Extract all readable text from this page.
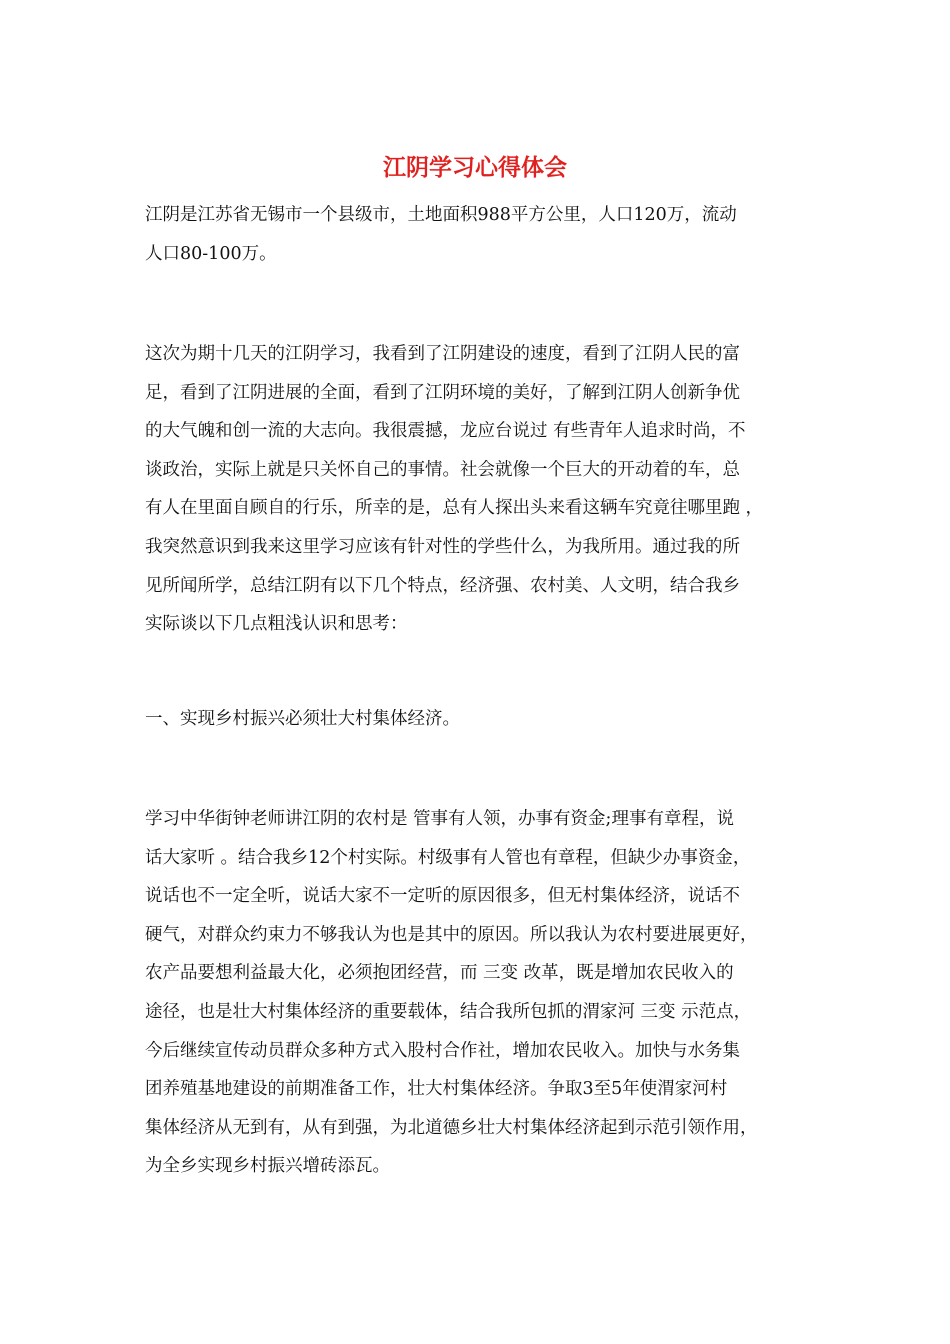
江阴学习心得体会
江阴是江苏省无锡市一个县级市，土地面积988平方公里，人口120万，流动
人口80-100万。
这次为期十几天的江阴学习，我看到了江阴建设的速度，看到了江阴人民的富
足，看到了江阴进展的全面，看到了江阴环境的美好，了解到江阴人创新争优
的大气魄和创一流的大志向。我很震撼，龙应台说过 有些青年人追求时尚，不
谈政治，实际上就是只关怀自己的事情。社会就像一个巨大的开动着的车，总
有人在里面自顾自的行乐，所幸的是，总有人探出头来看这辆车究竟往哪里跑 ，
我突然意识到我来这里学习应该有针对性的学些什么，为我所用。通过我的所
见所闻所学，总结江阴有以下几个特点，经济强、农村美、人文明，结合我乡
实际谈以下几点粗浅认识和思考：
一、实现乡村振兴必须壮大村集体经济。
学习中华街钟老师讲江阴的农村是 管事有人领，办事有资金;理事有章程，说
话大家听 。结合我乡12个村实际。村级事有人管也有章程，但缺少办事资金，
说话也不一定全听，说话大家不一定听的原因很多，但无村集体经济，说话不
硬气，对群众约束力不够我认为也是其中的原因。所以我认为农村要进展更好，
农产品要想利益最大化，必须抱团经营，而 三变 改革，既是增加农民收入的
途径，也是壮大村集体经济的重要载体，结合我所包抓的渭家河 三变 示范点，
今后继续宣传动员群众多种方式入股村合作社，增加农民收入。加快与水务集
团养殖基地建设的前期准备工作，壮大村集体经济。争取3至5年使渭家河村
集体经济从无到有，从有到强，为北道德乡壮大村集体经济起到示范引领作用，
为全乡实现乡村振兴增砖添瓦。
